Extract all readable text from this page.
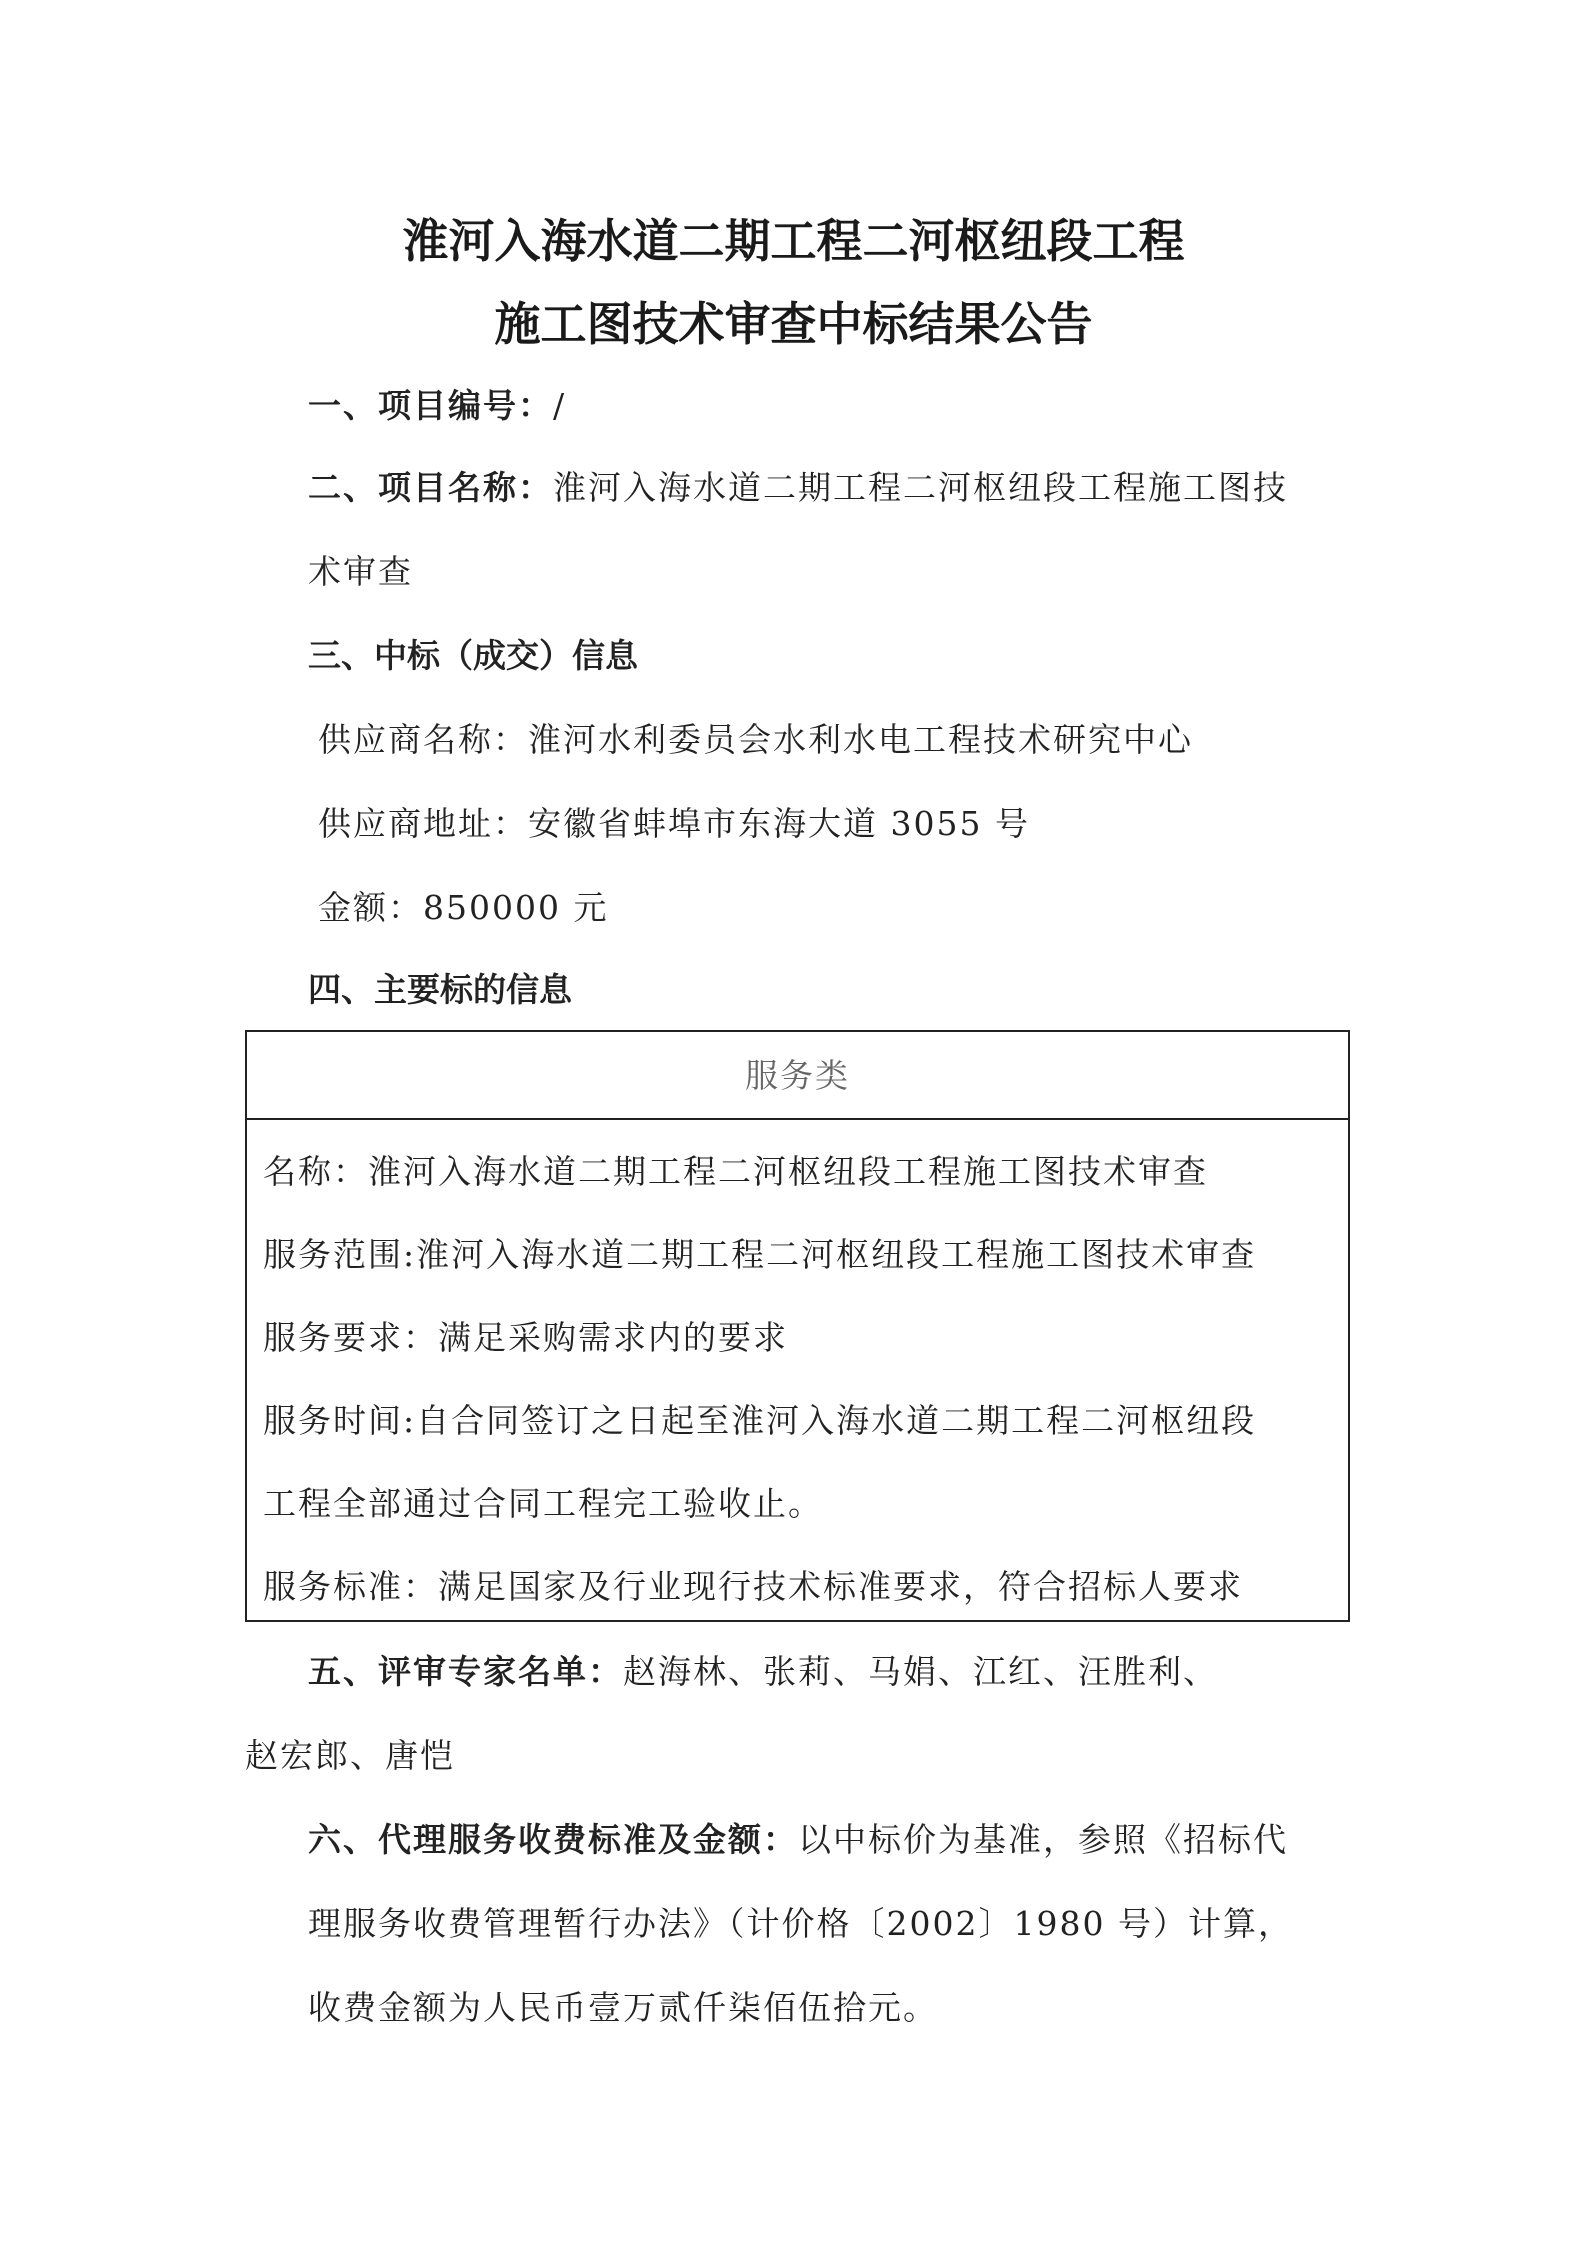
淮河入海水道二期工程二河枢纽段工程
施工图技术审查中标结果公告
一、项目编号：/
二、项目名称：淮河入海水道二期工程二河枢纽段工程施工图技
术审查
三、中标（成交）信息
供应商名称：淮河水利委员会水利水电工程技术研究中心
供应商地址：安徽省蚌埠市东海大道 3055 号
金额：850000 元
四、主要标的信息
服务类
名称：淮河入海水道二期工程二河枢纽段工程施工图技术审查
服务范围:淮河入海水道二期工程二河枢纽段工程施工图技术审查
服务要求：满足采购需求内的要求
服务时间:自合同签订之日起至淮河入海水道二期工程二河枢纽段
工程全部通过合同工程完工验收止。
服务标准：满足国家及行业现行技术标准要求，符合招标人要求
五、评审专家名单：赵海林、张莉、马娟、江红、汪胜利、
赵宏郎、唐恺
六、代理服务收费标准及金额：以中标价为基准，参照《招标代
理服务收费管理暂行办法》（计价格〔2002〕1980 号）计算，
收费金额为人民币壹万贰仟柒佰伍拾元。
